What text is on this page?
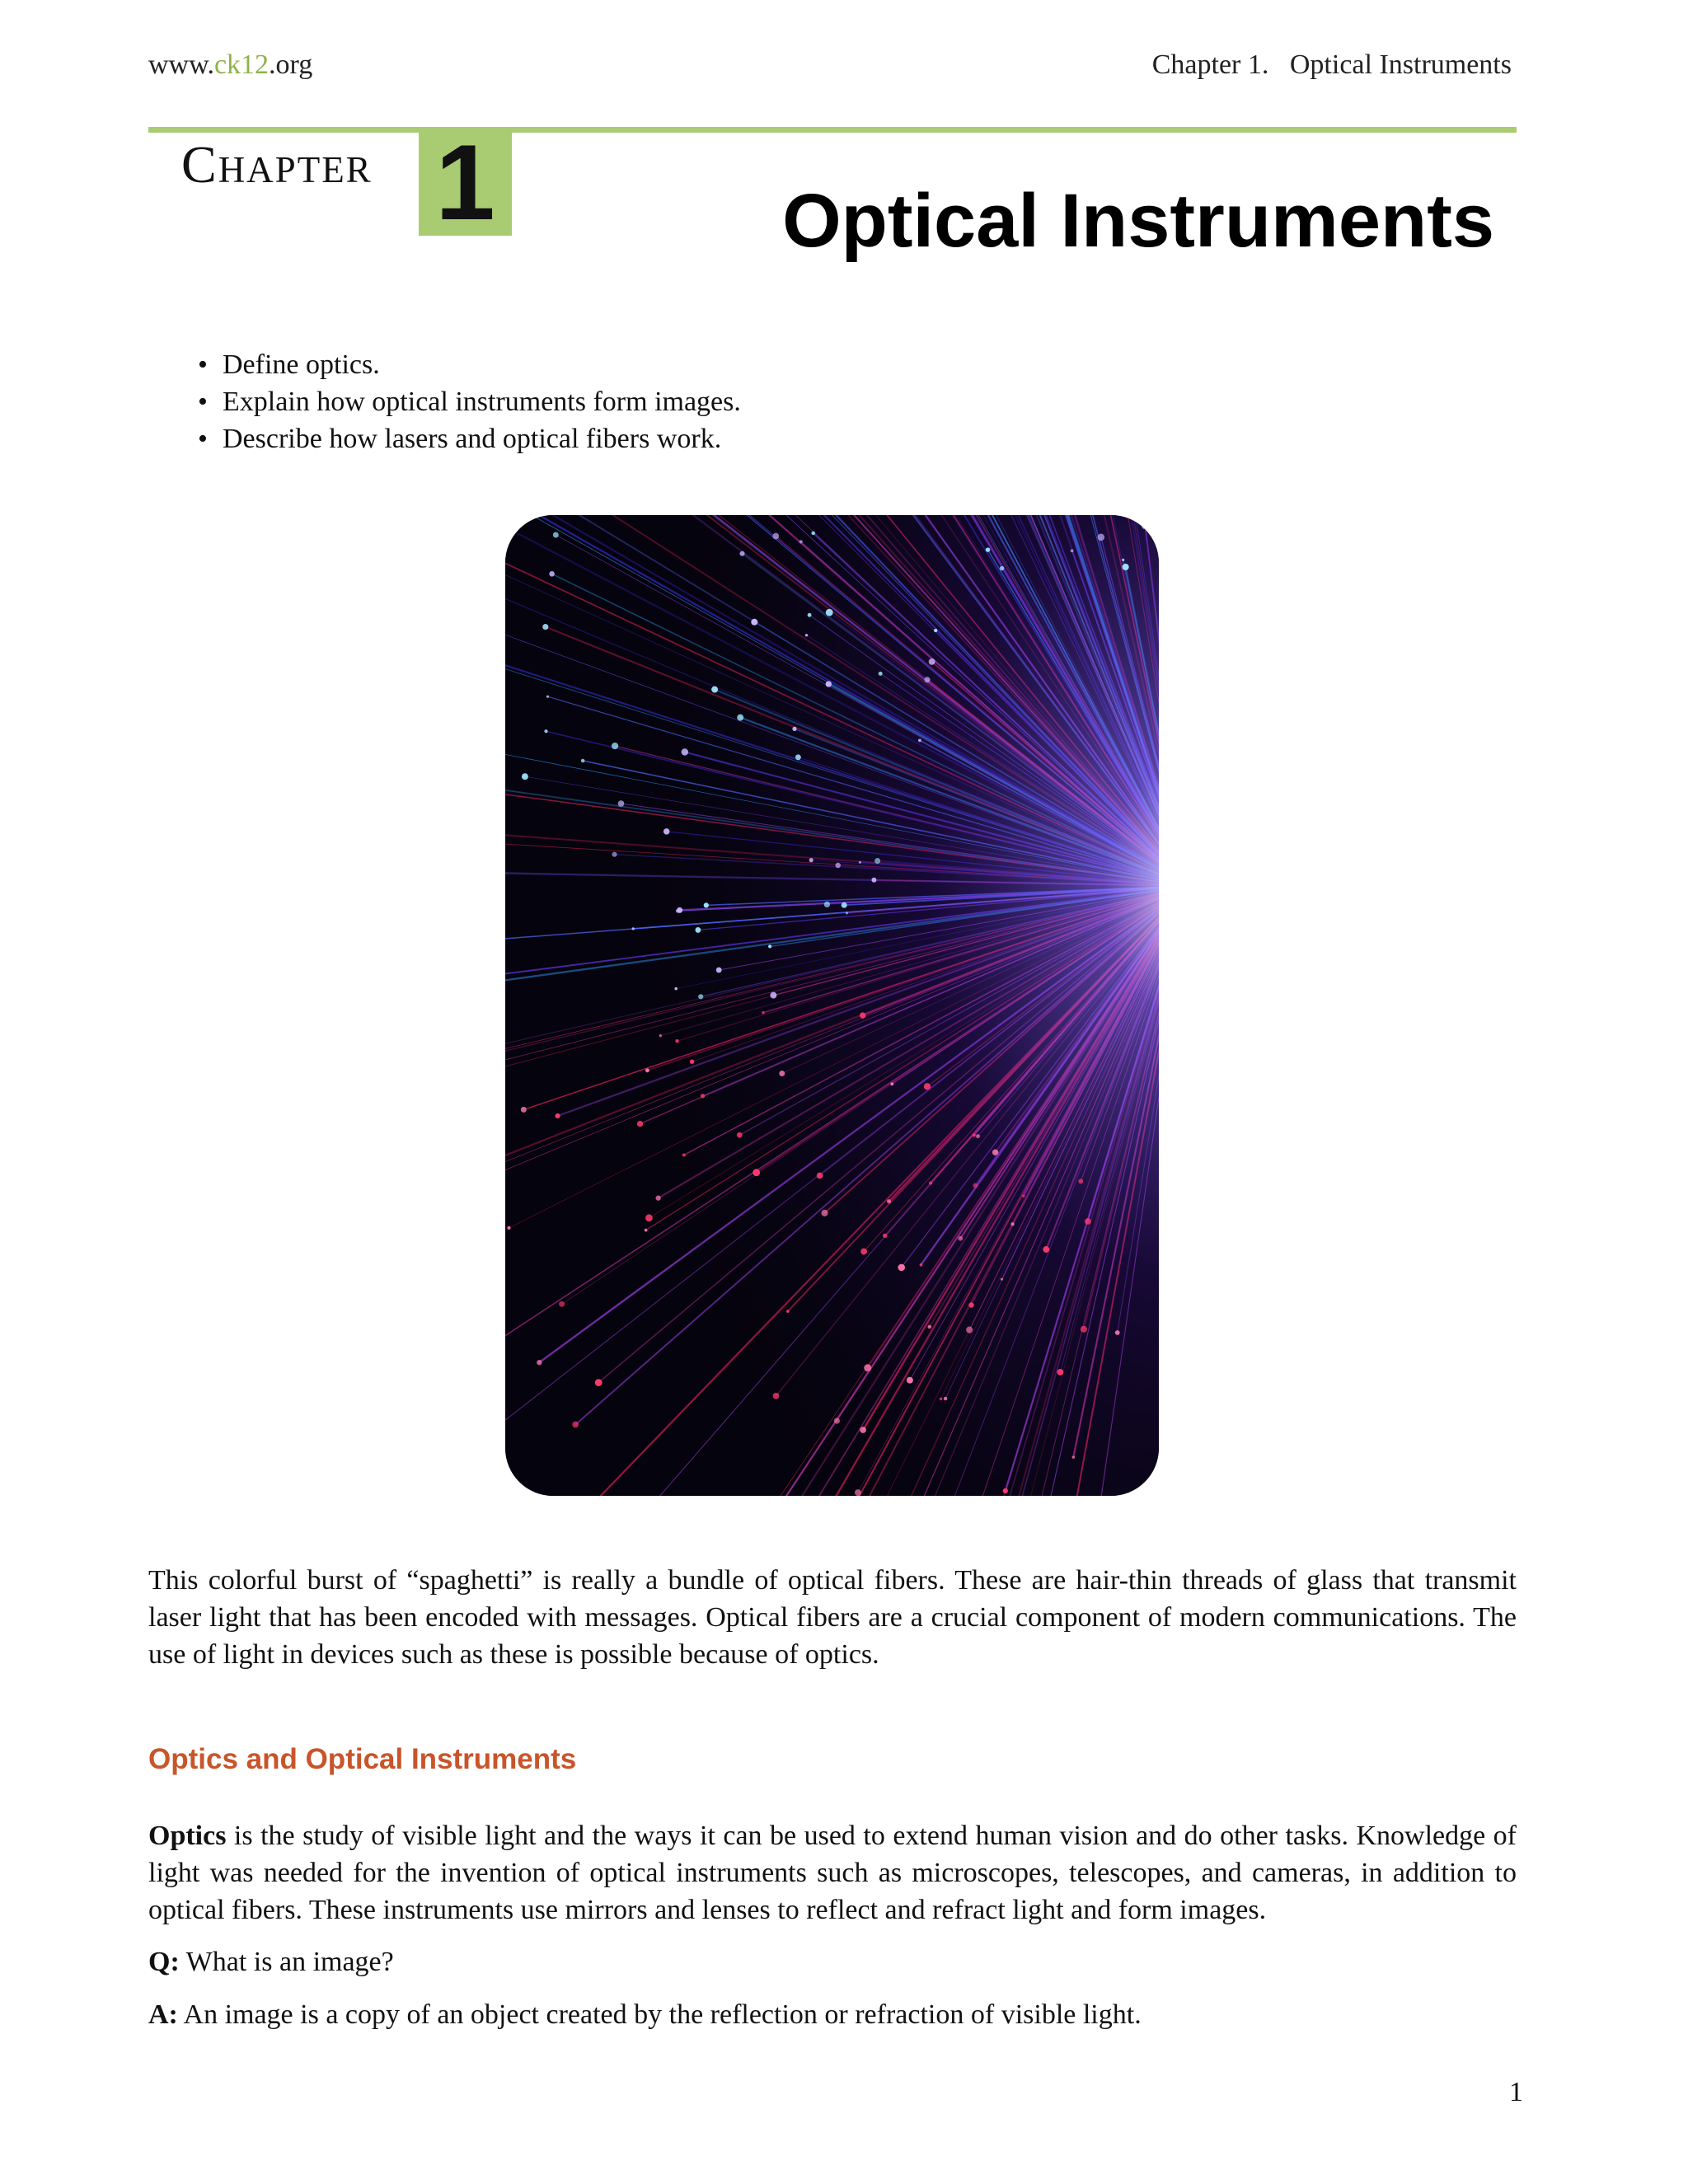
www.ck12.org	Chapter 1.   Optical Instruments
Chapter 1	Optical Instruments
• Define optics.
• Explain how optical instruments form images.
• Describe how lasers and optical fibers work.

This colorful burst of “spaghetti” is really a bundle of optical fibers. These are hair-thin threads of glass that transmit laser light that has been encoded with messages. Optical fibers are a crucial component of modern communications. The use of light in devices such as these is possible because of optics.

Optics and Optical Instruments

Optics is the study of visible light and the ways it can be used to extend human vision and do other tasks. Knowledge of light was needed for the invention of optical instruments such as microscopes, telescopes, and cameras, in addition to optical fibers. These instruments use mirrors and lenses to reflect and refract light and form images.

Q: What is an image?

A: An image is a copy of an object created by the reflection or refraction of visible light.

1
